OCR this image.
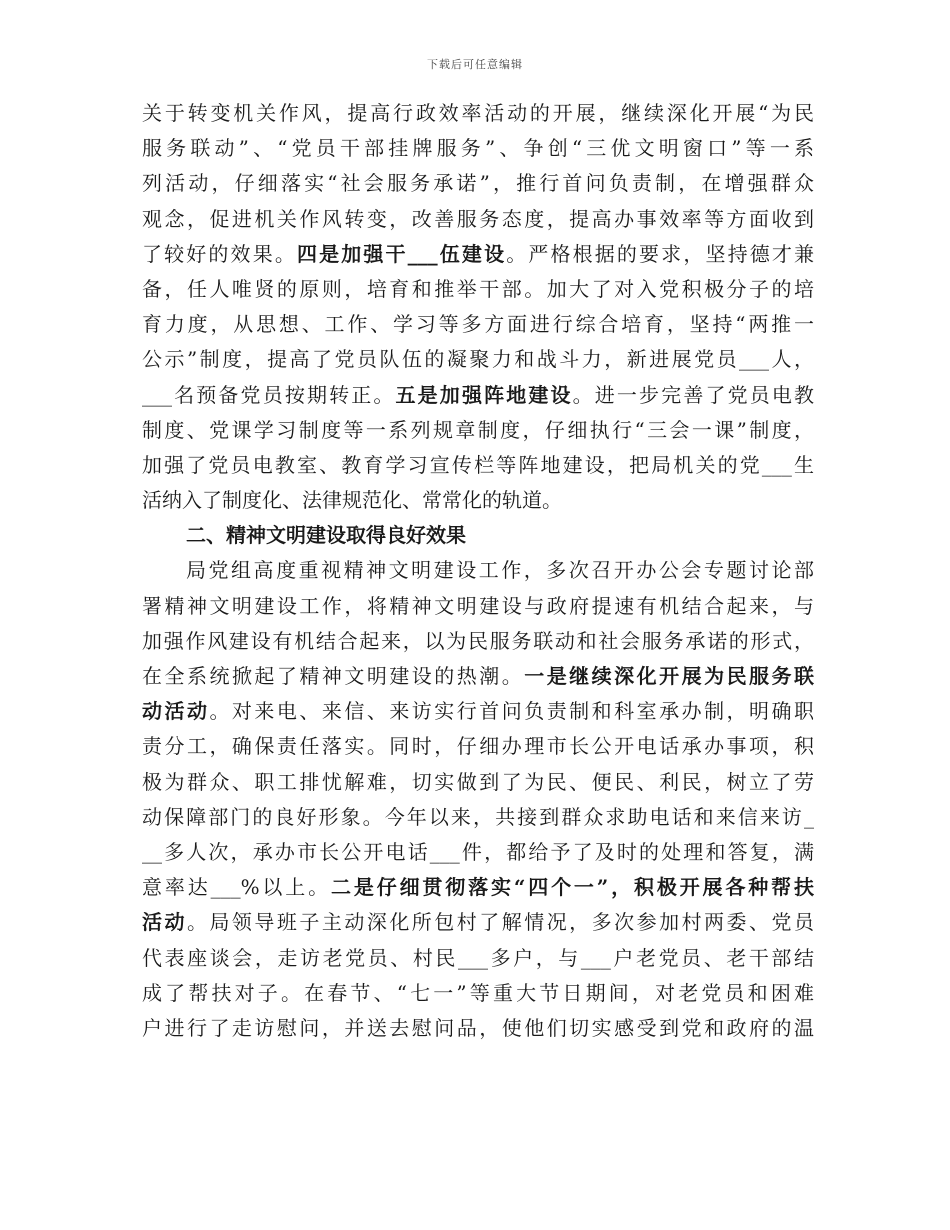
下载后可任意编辑
关于转变机关作风，提高行政效率活动的开展，继续深化开展“为民
服务联动”、“党员干部挂牌服务”、争创“三优文明窗口”等一系
列活动，仔细落实“社会服务承诺”，推行首问负责制，在增强群众
观念，促进机关作风转变，改善服务态度，提高办事效率等方面收到
了较好的效果。四是加强干___伍建设。严格根据的要求，坚持德才兼
备，任人唯贤的原则，培育和推举干部。加大了对入党积极分子的培
育力度，从思想、工作、学习等多方面进行综合培育，坚持“两推一
公示”制度，提高了党员队伍的凝聚力和战斗力，新进展党员___人，
___名预备党员按期转正。五是加强阵地建设。进一步完善了党员电教
制度、党课学习制度等一系列规章制度，仔细执行“三会一课”制度，
加强了党员电教室、教育学习宣传栏等阵地建设，把局机关的党___生
活纳入了制度化、法律规范化、常常化的轨道。
二、精神文明建设取得良好效果
局党组高度重视精神文明建设工作，多次召开办公会专题讨论部
署精神文明建设工作，将精神文明建设与政府提速有机结合起来，与
加强作风建设有机结合起来，以为民服务联动和社会服务承诺的形式，
在全系统掀起了精神文明建设的热潮。一是继续深化开展为民服务联
动活动。对来电、来信、来访实行首问负责制和科室承办制，明确职
责分工，确保责任落实。同时，仔细办理市长公开电话承办事项，积
极为群众、职工排忧解难，切实做到了为民、便民、利民，树立了劳
动保障部门的良好形象。今年以来，共接到群众求助电话和来信来访_
__多人次，承办市长公开电话___件，都给予了及时的处理和答复，满
意率达___%以上。二是仔细贯彻落实“四个一”，积极开展各种帮扶
活动。局领导班子主动深化所包村了解情况，多次参加村两委、党员
代表座谈会，走访老党员、村民___多户，与___户老党员、老干部结
成了帮扶对子。在春节、“七一”等重大节日期间，对老党员和困难
户进行了走访慰问，并送去慰问品，使他们切实感受到党和政府的温
